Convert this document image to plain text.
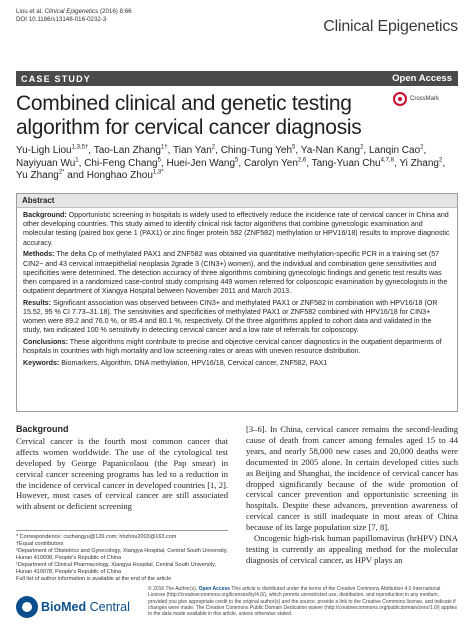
Liou et al. Clinical Epigenetics (2016) 8:66
DOI 10.1186/s13148-016-0232-3	Clinical Epigenetics
CASE STUDY	Open Access
Combined clinical and genetic testing algorithm for cervical cancer diagnosis
CrossMark
Yu-Ligh Liou$^{1,3,5\dagger}$, Tao-Lan Zhang$^{1\dagger}$, Tian Yan$^2$, Ching-Tung Yeh$^5$, Ya-Nan Kang$^2$, Lanqin Cao$^2$, Nayiyuan Wu$^1$, Chi-Feng Chang$^5$, Huei-Jen Wang$^5$, Carolyn Yen$^{2,6}$, Tang-Yuan Chu$^{4,7,8}$, Yi Zhang$^2$, Yu Zhang$^{2*}$ and Honghao Zhou$^{1,3*}$
Abstract

Background: Opportunistic screening in hospitals is widely used to effectively reduce the incidence rate of cervical cancer in China and other developing countries. This study aimed to identify clinical risk factor algorithms that combine gynecologic examination and molecular testing (paired box gene 1 (PAX1) or zinc finger protein 582 (ZNF582) methylation or HPV16/18) results to improve diagnostic accuracy.

Methods: The delta Cp of methylated PAX1 and ZNF582 was obtained via quantitative methylation-specific PCR in a training set (57 CIN2− and 43 cervical intraepithelial neoplasia 2grade 3 (CIN3+) women), and the individual and combination gene sensitivities and specificities were determined. The detection accuracy of three algorithms combining gynecologic findings and genetic test results was then compared in a randomized case-control study comprising 449 women referred for colposcopic examination by gynecologists in the outpatient department of Xiangya Hospital between November 2011 and March 2013.

Results: Significant association was observed between CIN3+ and methylated PAX1 or ZNF582 in combination with HPV16/18 (OR 15.52, 95 % CI 7.73–31.18). The sensitivities and specificities of methylated PAX1 or ZNF582 combined with HPV16/18 for CIN3+ women were 89.2 and 76.0 %, or 85.4 and 80.1 %, respectively. Of the three algorithms applied to cohort data and validated in the study, two indicated 100 % sensitivity in detecting cervical cancer and a low rate of referrals for colposcopy.

Conclusions: These algorithms might contribute to precise and objective cervical cancer diagnostics in the outpatient departments of hospitals in countries with high mortality and low screening rates or areas with uneven resource distribution.

Keywords: Biomarkers, Algorithm, DNA methylation, HPV16/18, Cervical cancer, ZNF582, PAX1

Background

Cervical cancer is the fourth most common cancer that affects women worldwide. The use of the cytological test developed by George Papanicolaou (the Pap smear) in cervical cancer screening programs has led to a reduction in the incidence of cervical cancer in developed countries [1, 2]. However, most cases of cervical cancer are still associated with absent or deficient screening

[3–6]. In China, cervical cancer remains the second-leading cause of death from cancer among females aged 15 to 44 years, and nearly 58,000 new cases and 20,000 deaths were documented in 2005 alone. In certain developed cities such as Beijing and Shanghai, the incidence of cervical cancer has dropped significantly because of the wide promotion of cervical cancer prevention and opportunistic screening in hospitals. Despite these advances, prevention awareness of cervical cancer is still inadequate in most areas of China because of its large population size [7, 8].

Oncogenic high-risk human papillomavirus (hrHPV) DNA testing is currently an appealing method for the molecular diagnosis of cervical cancer, as HPV plays an

* Correspondence: cszhangyu@126.com; hhzhou2003@163.com
†Equal contributors
²Department of Obstetrics and Gynecology, Xiangya Hospital, Central South University, Hunan 410008, People's Republic of China
¹Department of Clinical Pharmacology, Xiangya Hospital, Central South University, Hunan 410078, People's Republic of China
Full list of author information is available at the end of the article
BioMed Central
© 2016 The Author(s). Open Access This article is distributed under the terms of the Creative Commons Attribution 4.0 International License (http://creativecommons.org/licenses/by/4.0/), which permits unrestricted use, distribution, and reproduction in any medium, provided you give appropriate credit to the original author(s) and the source, provide a link to the Creative Commons license, and indicate if changes were made. The Creative Commons Public Domain Dedication waiver (http://creativecommons.org/publicdomain/zero/1.0/) applies to the data made available in this article, unless otherwise stated.
